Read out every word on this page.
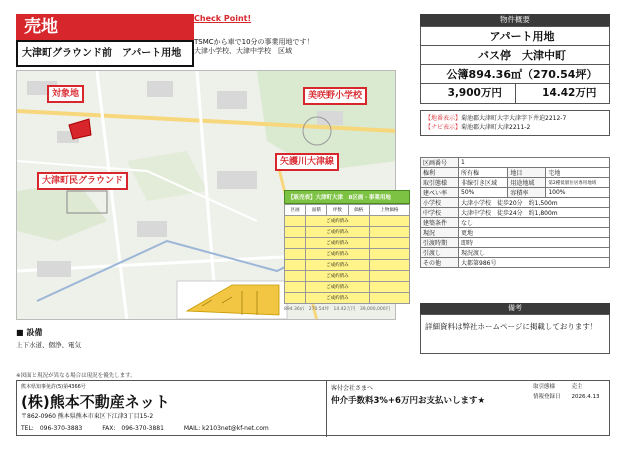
売地
大津町グラウンド前　アパート用地
Check Point!
TSMCから車で10分の事業用地です！
大津小学校、大津中学校　区域
対象地	美咲野小学校
大津町民グラウンド
矢護川大津線
【販売表】大津町大津　8区画・事業用地
区画	面積	坪数	価格	上物価格
	ご成約済み			
	ご成約済み			
	ご成約済み			
	ご成約済み			
	ご成約済み			
	ご成約済み			
	ご成約済み			
	ご成約済み			
894.36㎡　270.54坪　14.42万円　39,000,000円
■ 設備
上下水道、個浄、電気
※図面と現況が異なる場合は現況を優先します。
物件概要
アパート用地
バス停　大津中町
公簿894.36㎡（270.54坪）
3,900万円	14.42万円
【地番表示】菊池郡大津町大字大津字下井迫2212-7
【ナビ表示】菊池郡大津町大津2211-2
区画番号	1		
権利	所有権	地目	宅地
取引態様	非線引き区域	用途地域	第2種低層住居専用地域
建ぺい率	50%	容積率	100%
小学校	大津小学校　徒歩20分　約1,500m		
中学校	大津中学校　徒歩24分　約1,800m		
建築条件	なし		
現況	更地		
引渡時期	即時		
引渡し	現況渡し		
その他	大都第986号		
備考
詳細資料は弊社ホームページに掲載しております！
熊本県知事免許(5)第4366号
(株)熊本不動産ネット
〒862-0960 熊本県熊本市東区下江津3丁目15-2
TEL:　096-370-3883	FAX:　096-370-3881	MAIL: k2103net@kf-net.com
客付会社さまへ
仲介手数料3%+6万円お支払いします★
取引態様　　　売主
情報登録日　　2026.4.13
